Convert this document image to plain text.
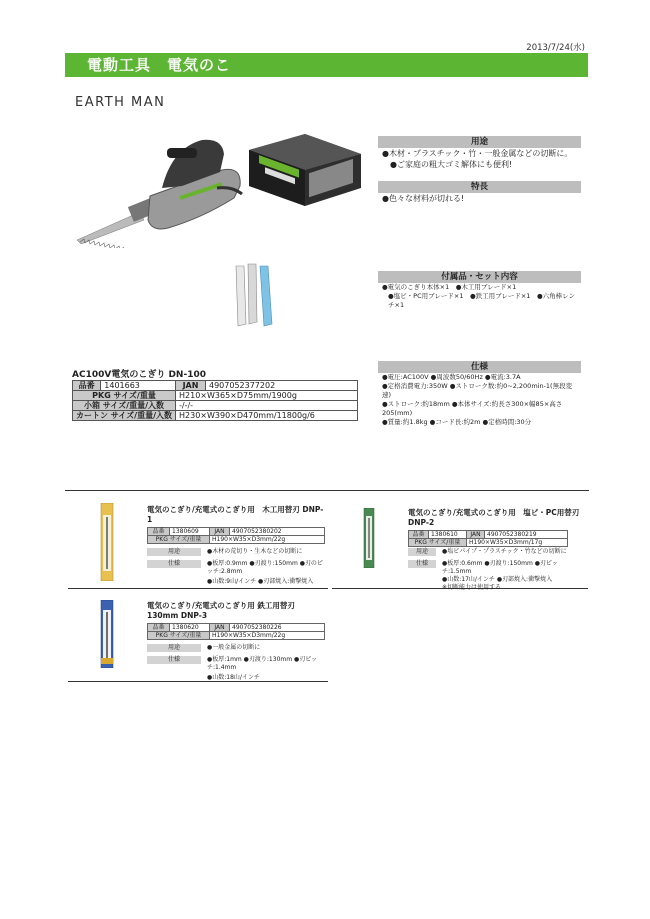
2013/7/24(水)
電動工具　電気のこ
EARTH MAN
用途
●木材・プラスチック・竹・一般金属などの切断に。
●ご家庭の粗大ゴミ解体にも便利!
特長
●色々な材料が切れる!
付属品・セット内容
●電気のこぎり本体×1　●木工用ブレード×1
●塩ビ・PC用ブレード×1　●鉄工用ブレード×1　●六角棒レンチ×1
仕様
●電圧:AC100V ●周波数50/60Hz ●電流:3.7A
●定格消費電力:350W ●ストローク数:約0~2,200min-1(無段変速)
●ストローク:約18mm ●本体サイズ:約長さ300×幅85×高さ205(mm)
●質量:約1.8kg ●コード長:約2m ●定格時間:30分
AC100V電気のこぎり DN-100
品番	1401663	JAN	4907052377202
PKG サイズ/重量		H210×W365×D75mm/1900g	
小箱 サイズ/重量/入数		-/-/-	
カートン サイズ/重量/入数		H230×W390×D470mm/11800g/6	
電気のこぎり/充電式のこぎり用　木工用替刃 DNP-1
品番	1380609	JAN	4907052380202
PKG サイズ/重量		H190×W35×D3mm/22g	
用途	●木材の荒切り・生木などの切断に
仕様	●板厚:0.9mm ●刃渡り:150mm ●刃のピッチ:2.8mm
●山数:9山/インチ ●刃部焼入:衝撃焼入
電気のこぎり/充電式のこぎり用　塩ビ・PC用替刃 DNP-2
品番	1380610	JAN	4907052380219
PKG サイズ/重量		H190×W35×D3mm/17g	
用途	●塩ビパイプ・プラスチック・竹などの切断に
仕様	●板厚:0.6mm ●刃渡り:150mm ●刃ピッチ:1.5mm
●山数:17山/インチ ●刃部焼入:衝撃焼入
※切断能力は使用する
電気のこぎり/充電式のこぎり用 鉄工用替刃 130mm DNP-3
品番	1380620	JAN	4907052380226
PKG サイズ/重量		H190×W35×D3mm/22g	
用途	●一般金属の切断に
仕様	●板厚:1mm ●刃渡り:130mm ●刃ピッチ:1.4mm
●山数:18山/インチ
